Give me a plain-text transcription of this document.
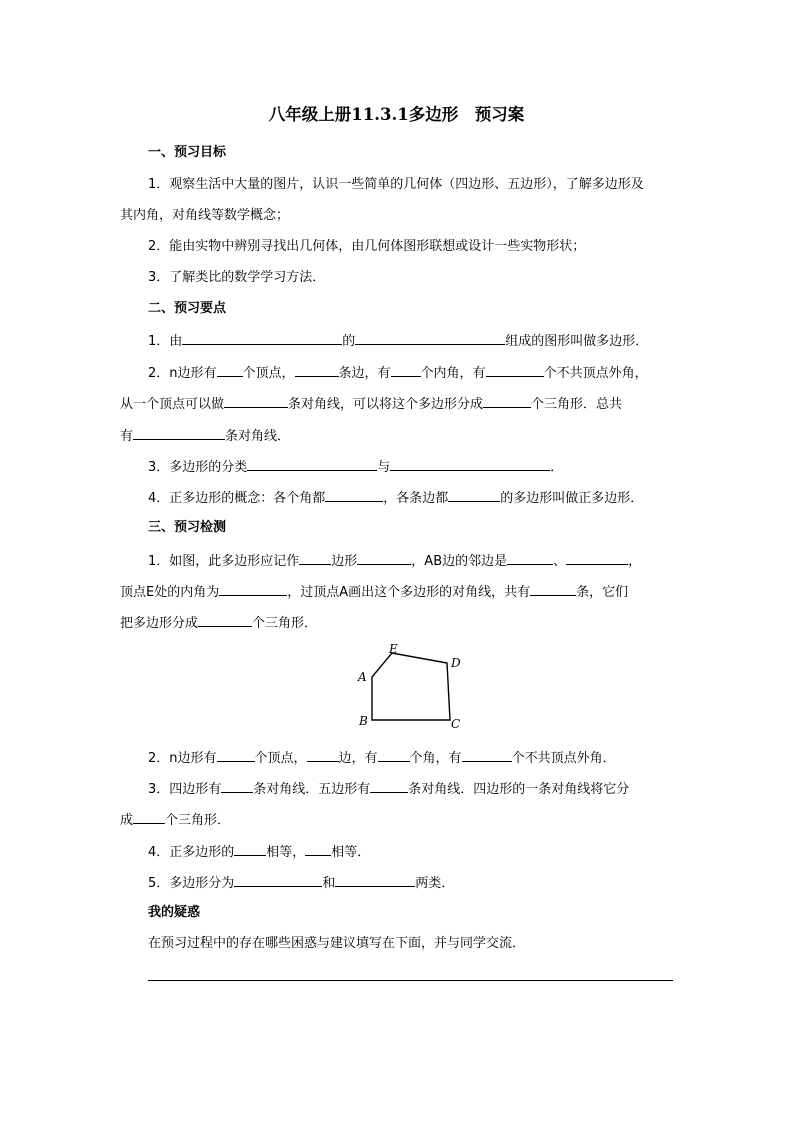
八年级上册11.3.1多边形　预习案
一、预习目标
1．观察生活中大量的图片，认识一些简单的几何体（四边形、五边形），了解多边形及
其内角，对角线等数学概念；
2．能由实物中辨别寻找出几何体，由几何体图形联想或设计一些实物形状；
3．了解类比的数学学习方法．
二、预习要点
1．由	的	组成的图形叫做多边形．
2．n边形有 个顶点，	条边，有 个内角，有	个不共顶点外角，
从一个顶点可以做	条对角线，可以将这个多边形分成	个三角形．总共
有	条对角线．
3．多边形的分类	与	．
4．正多边形的概念：各个角都	，各条边都	的多边形叫做正多边形．
三、预习检测
1．如图，此多边形应记作 边形	，AB边的邻边是	、	，
顶点E处的内角为	，过顶点A画出这个多边形的对角线，共有	条，它们
把多边形分成	个三角形．
A
E
D
B	C
2．n边形有	个顶点， 边，有 个角，有	个不共顶点外角．
3．四边形有 条对角线．五边形有	条对角线．四边形的一条对角线将它分
成 个三角形．
4．正多边形的 相等， 相等．
5．多边形分为	和	两类．
我的疑惑
在预习过程中的存在哪些困惑与建议填写在下面，并与同学交流．
